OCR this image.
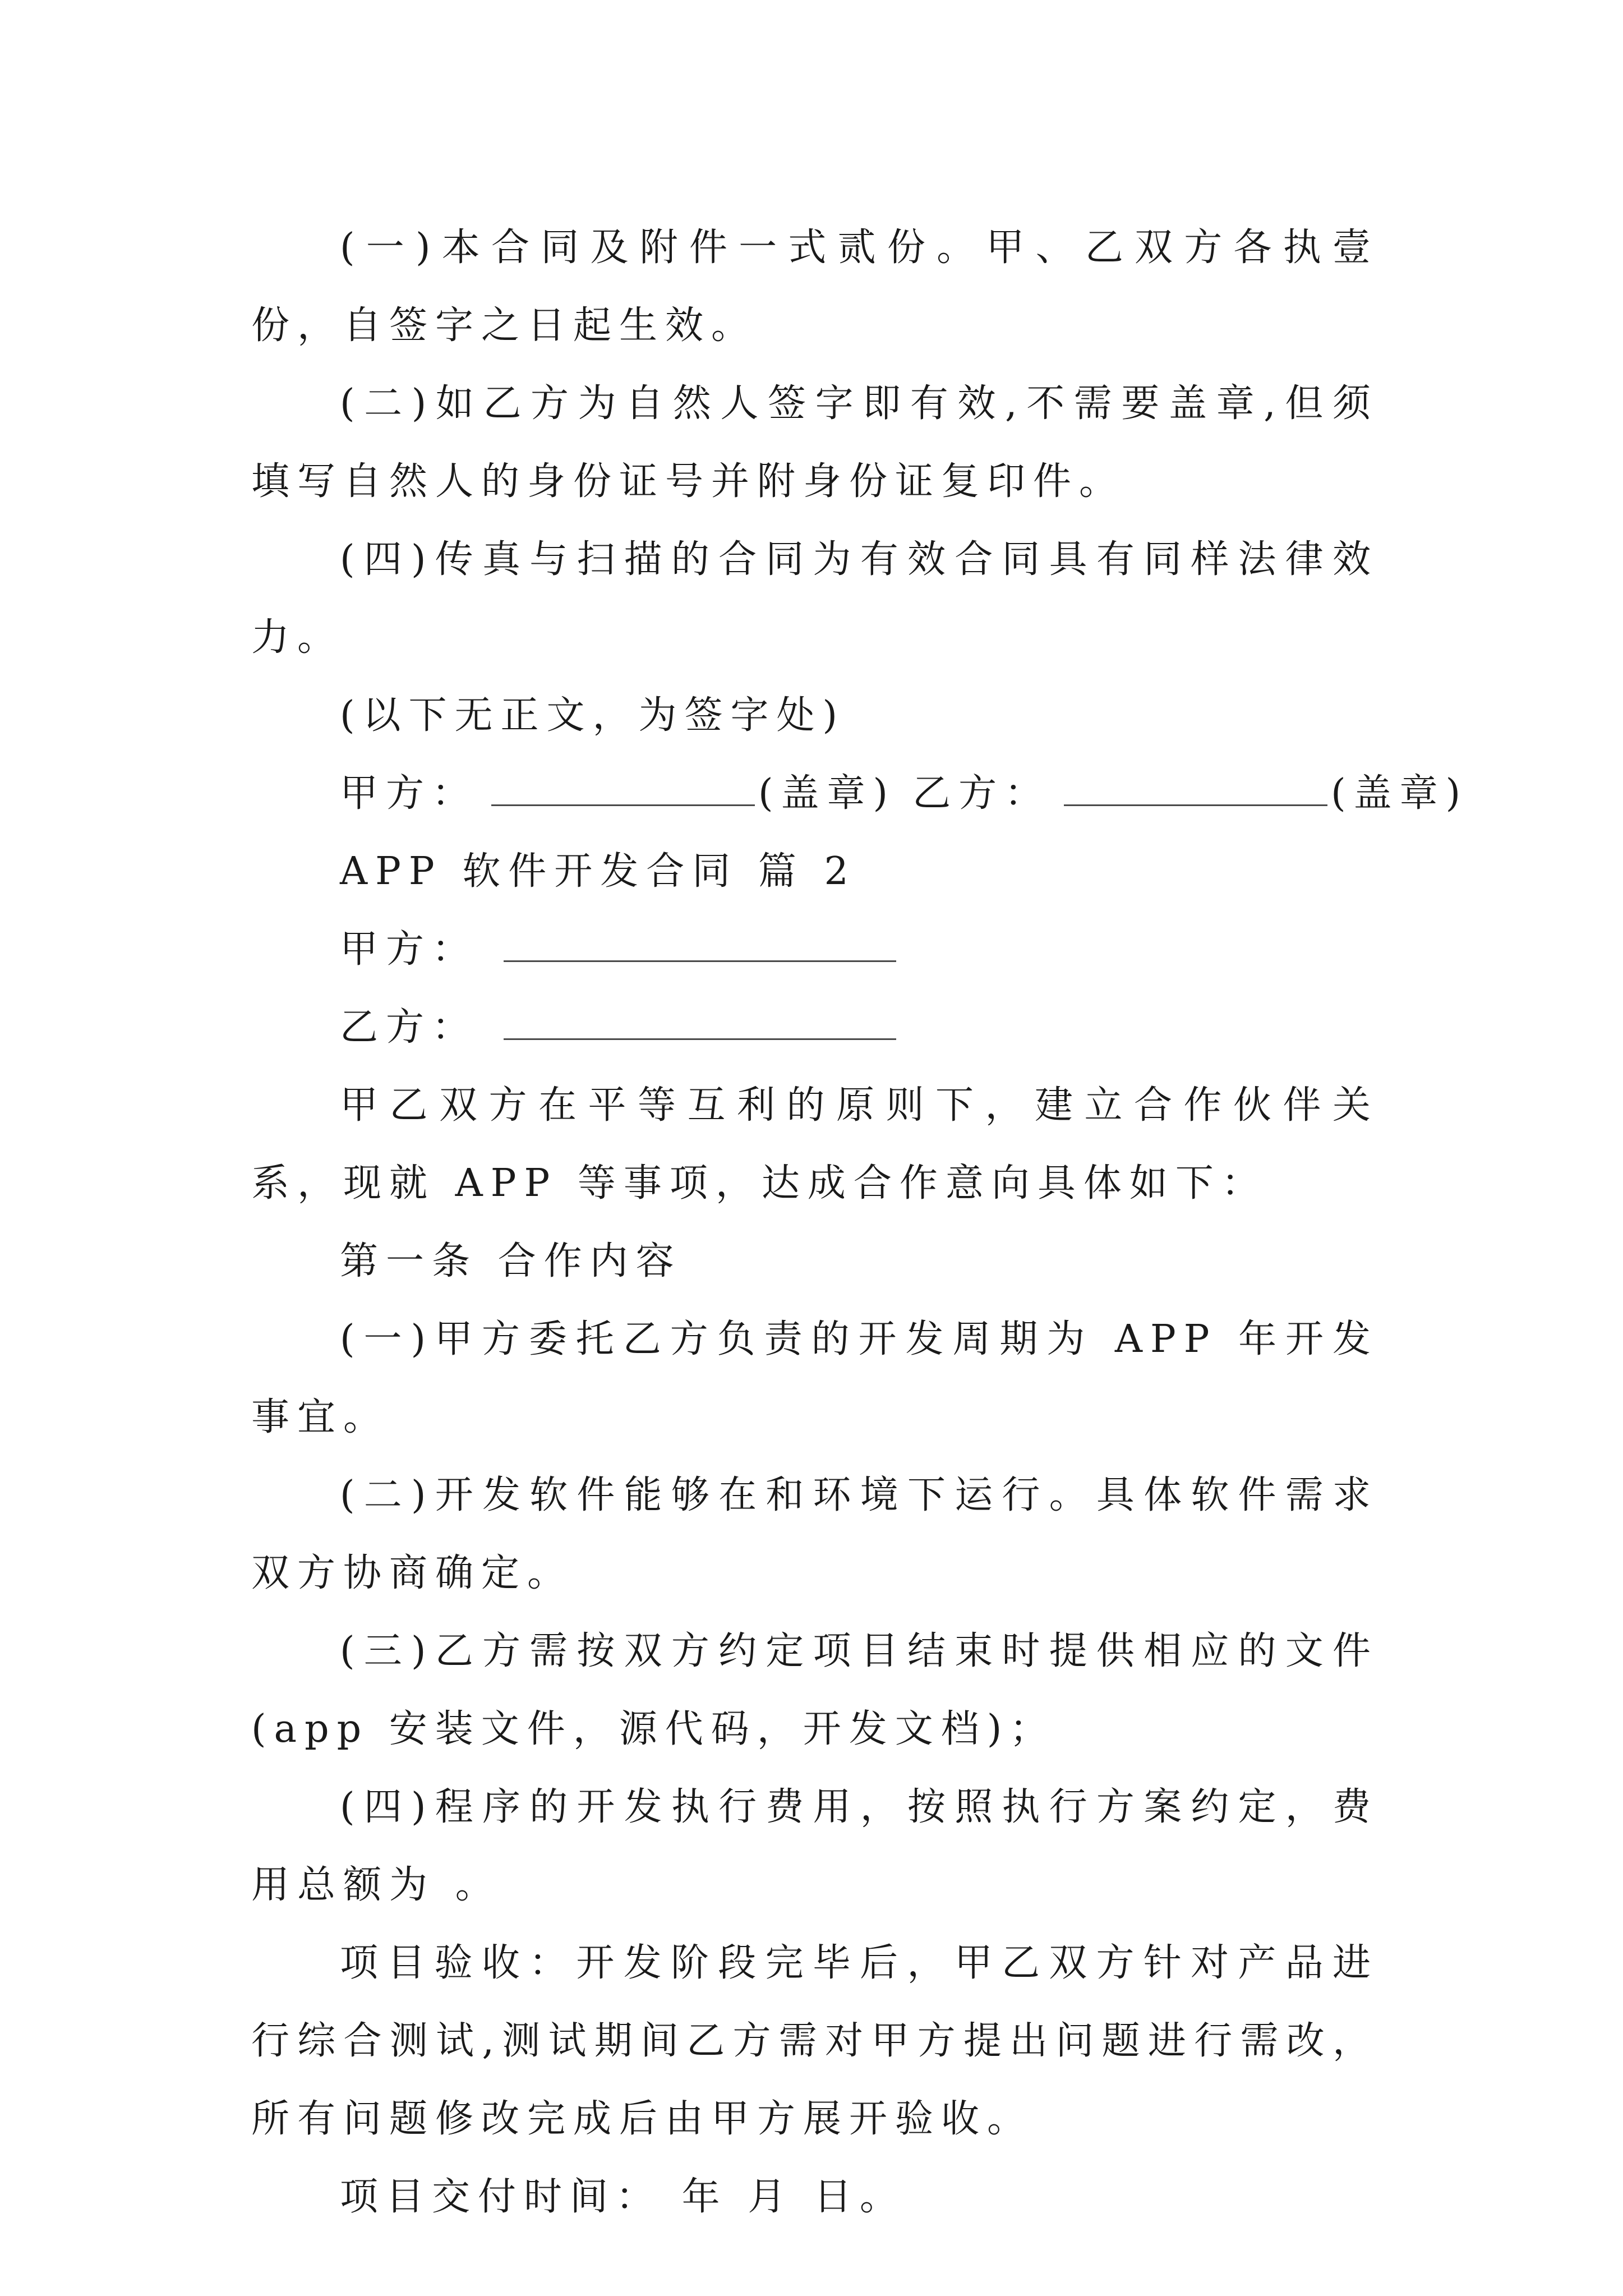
(一)本合同及附件一式贰份。甲、乙双方各执壹份，自签字之日起生效。

(二)如乙方为自然人签字即有效,不需要盖章,但须填写自然人的身份证号并附身份证复印件。

(四)传真与扫描的合同为有效合同具有同样法律效力。

(以下无正文，为签字处)

甲方：	(盖章) 乙方：	(盖章)

APP 软件开发合同 篇 2

甲方：

乙方：

甲乙双方在平等互利的原则下，建立合作伙伴关系，现就 APP 等事项，达成合作意向具体如下：

第一条 合作内容

(一)甲方委托乙方负责的开发周期为 APP 年开发事宜。

(二)开发软件能够在和环境下运行。具体软件需求双方协商确定。

(三)乙方需按双方约定项目结束时提供相应的文件(app 安装文件，源代码，开发文档)；

(四)程序的开发执行费用，按照执行方案约定，费用总额为 。

项目验收：开发阶段完毕后，甲乙双方针对产品进行综合测试,测试期间乙方需对甲方提出问题进行需改，所有问题修改完成后由甲方展开验收。

项目交付时间： 年 月 日。
